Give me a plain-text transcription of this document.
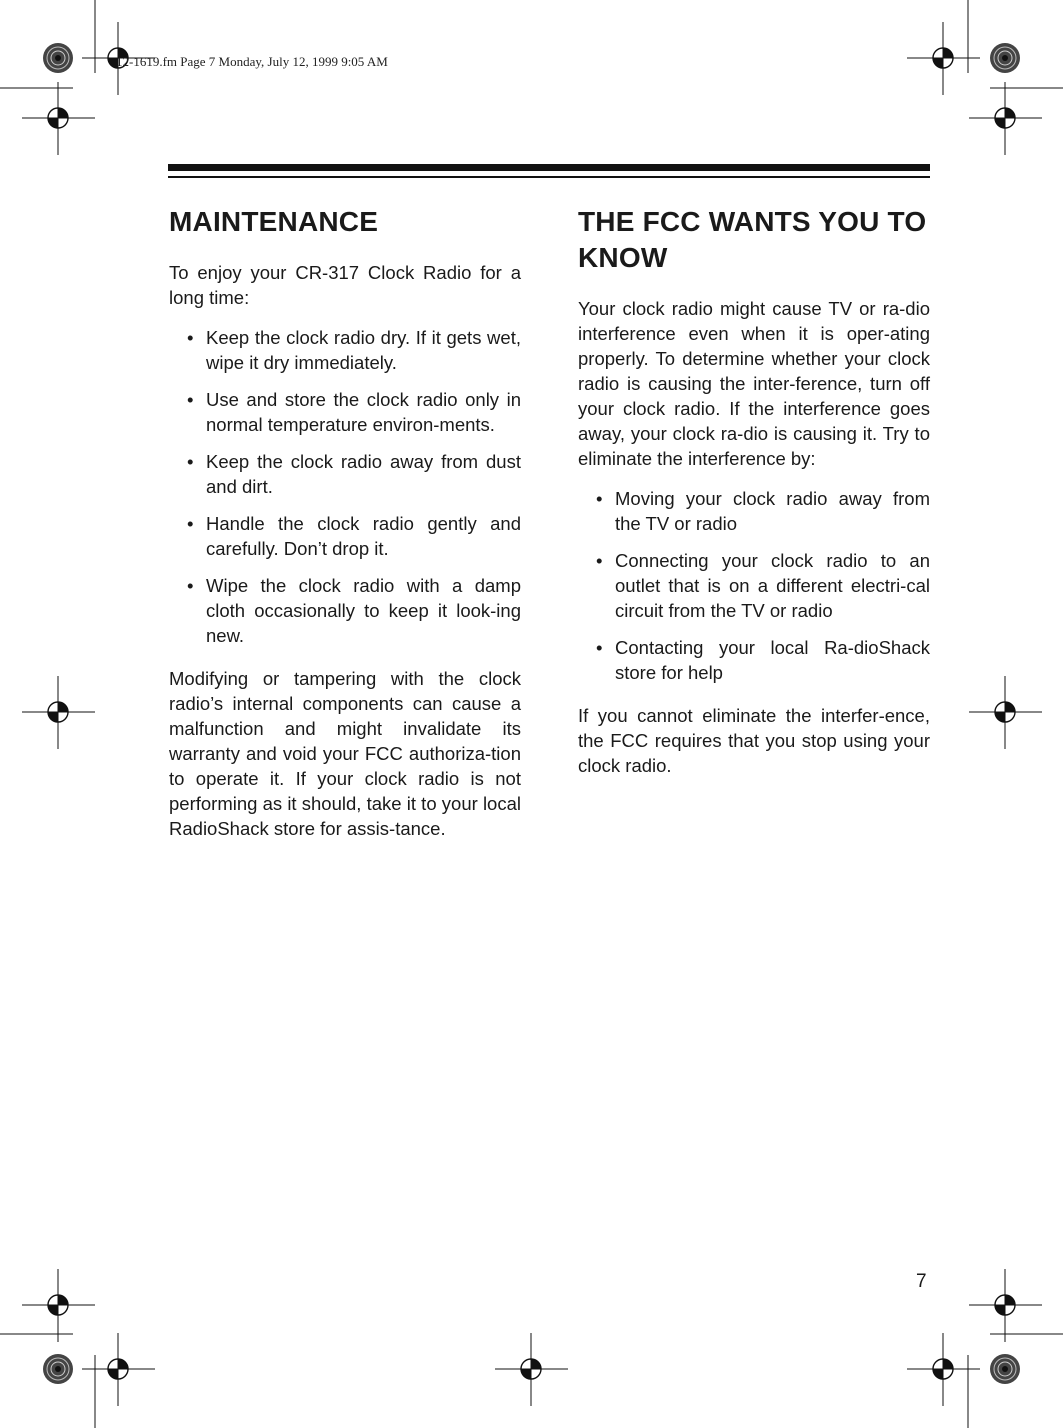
12-1619.fm Page 7 Monday, July 12, 1999 9:05 AM
MAINTENANCE

To enjoy your CR-317 Clock Radio for a long time:

• Keep the clock radio dry. If it gets wet, wipe it dry immediately.
• Use and store the clock radio only in normal temperature environ-ments.
• Keep the clock radio away from dust and dirt.
• Handle the clock radio gently and carefully. Don’t drop it.
• Wipe the clock radio with a damp cloth occasionally to keep it look-ing new.

Modifying or tampering with the clock radio’s internal components can cause a malfunction and might invalidate its warranty and void your FCC authoriza-tion to operate it. If your clock radio is not performing as it should, take it to your local RadioShack store for assis-tance.

THE FCC WANTS YOU TO KNOW

Your clock radio might cause TV or ra-dio interference even when it is oper-ating properly. To determine whether your clock radio is causing the inter-ference, turn off your clock radio. If the interference goes away, your clock ra-dio is causing it. Try to eliminate the interference by:

• Moving your clock radio away from the TV or radio
• Connecting your clock radio to an outlet that is on a different electri-cal circuit from the TV or radio
• Contacting your local Ra-dioShack store for help

If you cannot eliminate the interfer-ence, the FCC requires that you stop using your clock radio.

7
